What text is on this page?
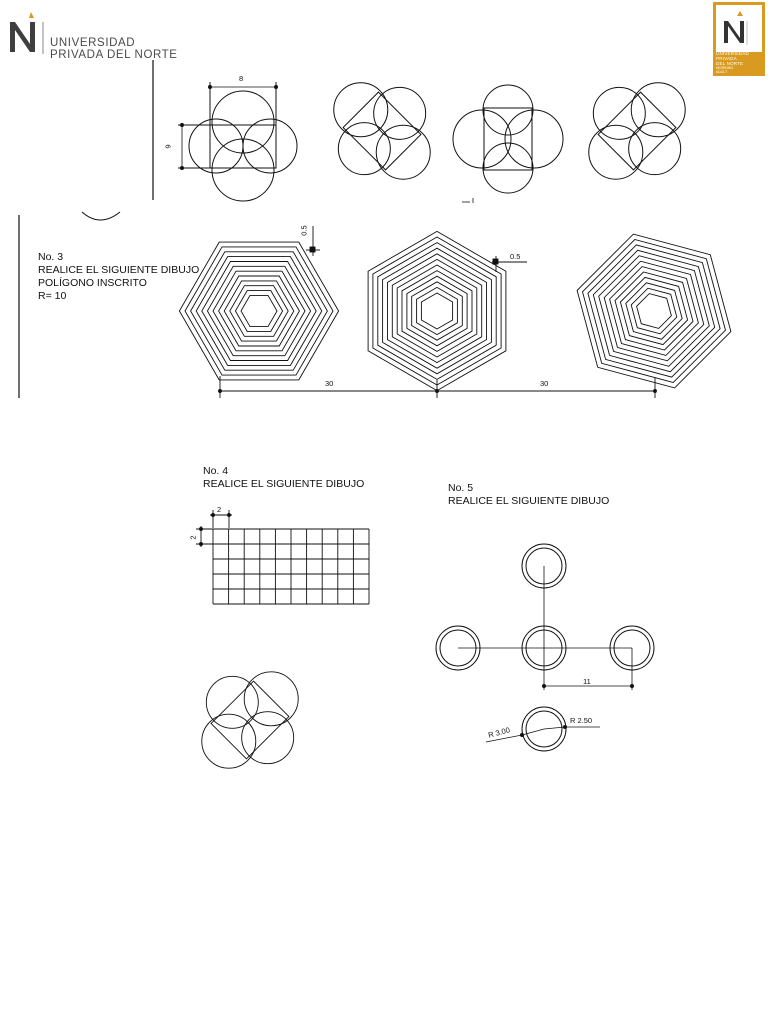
UNIVERSIDAD
PRIVADA DEL NORTE	UNIVERSIDAD
PRIVADA
DEL NORTE
WORKING
ADULT
8
6
No. 3
REALICE EL SIGUIENTE DIBUJO
POLÍGONO INSCRITO
R= 10
0.5
0.5
30	30
No. 4
REALICE EL SIGUIENTE DIBUJO
2
2
No. 5
REALICE EL SIGUIENTE DIBUJO
11
R 3.00
R 2.50
